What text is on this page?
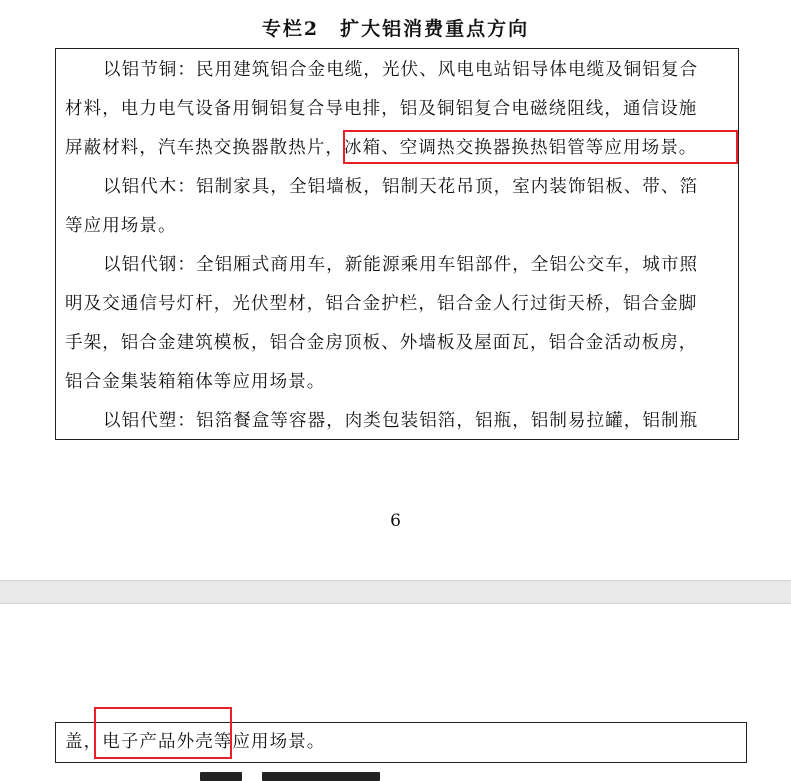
专栏2　扩大铝消费重点方向
以铝节铜：民用建筑铝合金电缆，光伏、风电电站铝导体电缆及铜铝复合
材料，电力电气设备用铜铝复合导电排，铝及铜铝复合电磁绕阻线，通信设施
屏蔽材料，汽车热交换器散热片，冰箱、空调热交换器换热铝管等应用场景。
以铝代木：铝制家具，全铝墙板，铝制天花吊顶，室内装饰铝板、带、箔
等应用场景。
以铝代钢：全铝厢式商用车，新能源乘用车铝部件，全铝公交车，城市照
明及交通信号灯杆，光伏型材，铝合金护栏，铝合金人行过街天桥，铝合金脚
手架，铝合金建筑模板，铝合金房顶板、外墙板及屋面瓦，铝合金活动板房，
铝合金集装箱箱体等应用场景。
以铝代塑：铝箔餐盒等容器，肉类包装铝箔，铝瓶，铝制易拉罐，铝制瓶
6
盖，电子产品外壳等应用场景。
